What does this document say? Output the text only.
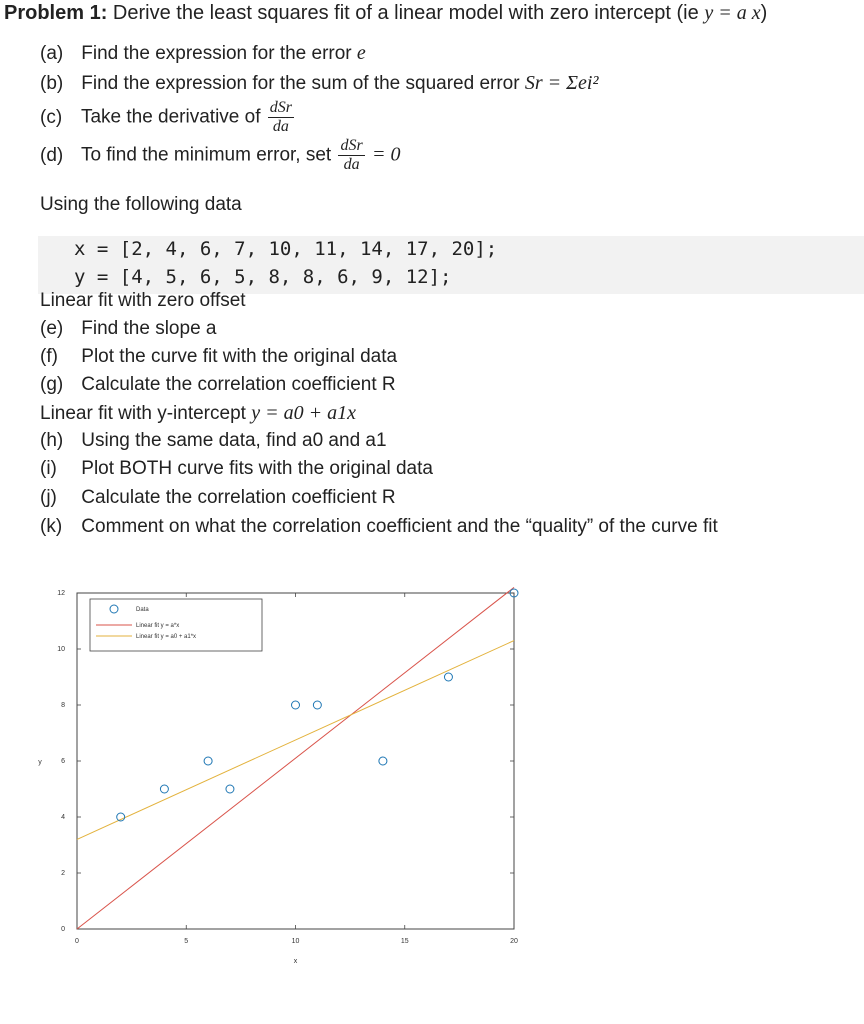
Problem 1: Derive the least squares fit of a linear model with zero intercept (ie y = a x)
(a) Find the expression for the error e
(b) Find the expression for the sum of the squared error Sr = Σei²
(c) Take the derivative of $\frac{\text{dSr}}{da}$
(d) To find the minimum error, set $\frac{\text{dSr}}{da} = 0$
Using the following data
x = [2, 4, 6, 7, 10, 11, 14, 17, 20];
y = [4, 5, 6, 5, 8, 8, 6, 9, 12];
Linear fit with zero offset
(e) Find the slope a
(f) Plot the curve fit with the original data
(g) Calculate the correlation coefficient R
Linear fit with y-intercept y = a0 + a1x
(h) Using the same data, find a0 and a1
(i) Plot BOTH curve fits with the original data
(j) Calculate the correlation coefficient R
(k) Comment on what the correlation coefficient and the “quality” of the curve fit
0	5	10	15	20
0
2
4
6
8
10
12
x
y
Data
Linear fit y = a*x
Linear fit y = a0 + a1*x
